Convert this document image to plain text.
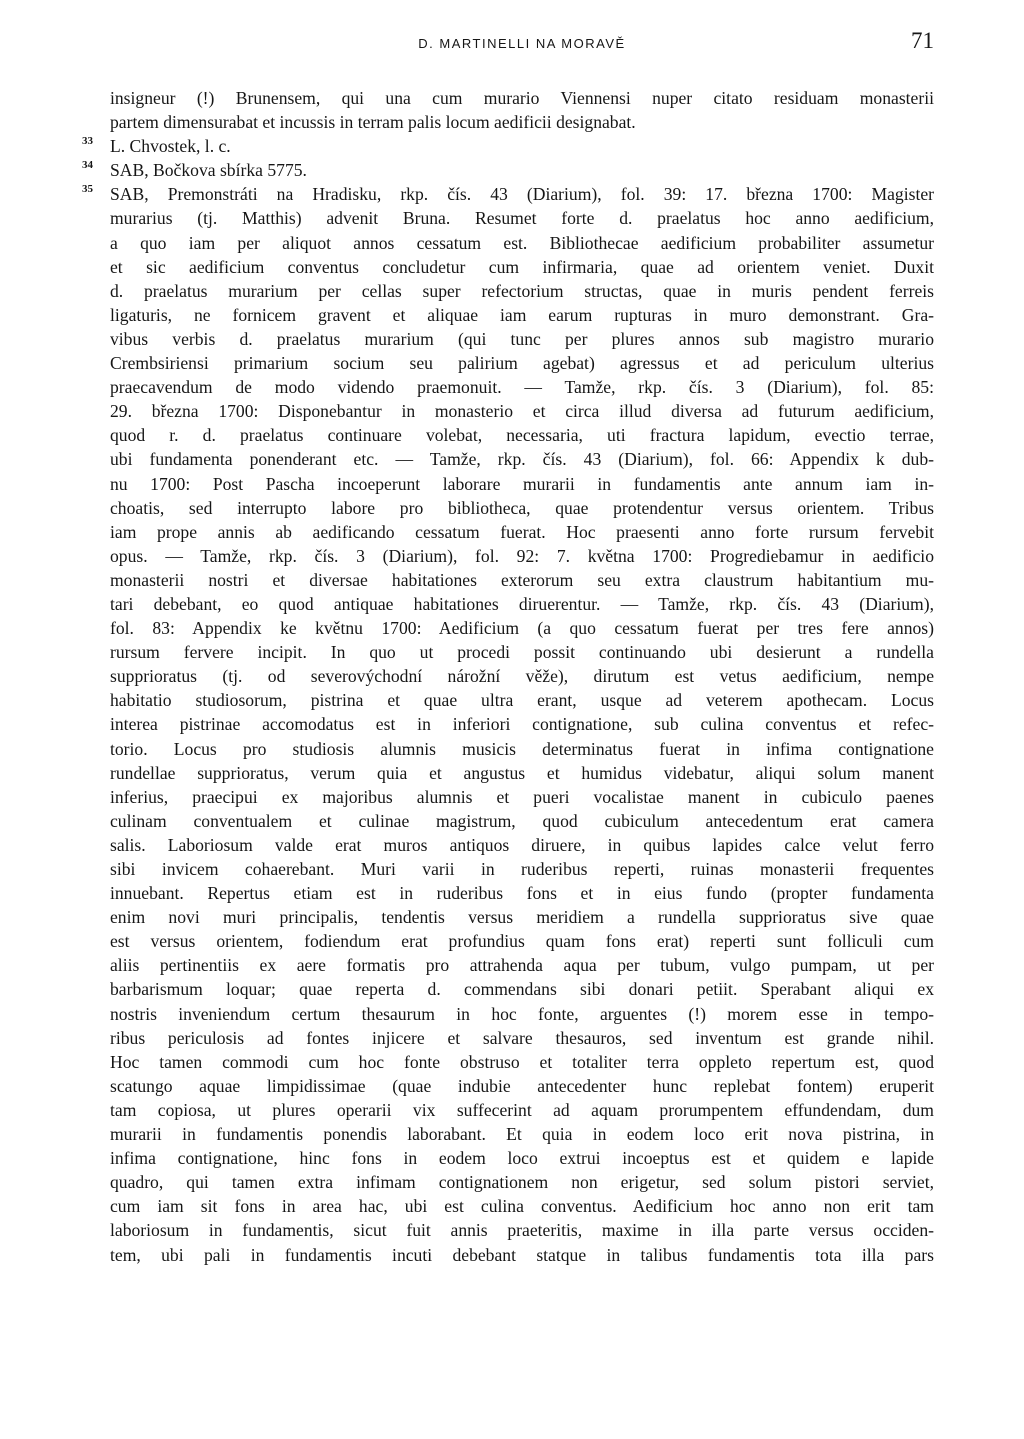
D. MARTINELLI NA MORAVĚ	71
insigneur (!) Brunensem, qui una cum murario Viennensi nuper citato residuam monasterii
partem dimensurabat et incussis in terram palis locum aedificii designabat.
33 L. Chvostek, l. c.
34 SAB, Bočkova sbírka 5775.
35 SAB, Premonstráti na Hradisku, rkp. čís. 43 (Diarium), fol. 39: 17. března 1700: Magister
murarius (tj. Matthis) advenit Bruna. Resumet forte d. praelatus hoc anno aedificium,
a quo iam per aliquot annos cessatum est. Bibliothecae aedificium probabiliter assumetur
et sic aedificium conventus concludetur cum infirmaria, quae ad orientem veniet. Duxit
d. praelatus murarium per cellas super refectorium structas, quae in muris pendent ferreis
ligaturis, ne fornicem gravent et aliquae iam earum rupturas in muro demonstrant. Gra-
vibus verbis d. praelatus murarium (qui tunc per plures annos sub magistro murario
Crembsiriensi primarium socium seu palirium agebat) agressus et ad periculum ulterius
praecavendum de modo videndo praemonuit. — Tamže, rkp. čís. 3 (Diarium), fol. 85:
29. března 1700: Disponebantur in monasterio et circa illud diversa ad futurum aedificium,
quod r. d. praelatus continuare volebat, necessaria, uti fractura lapidum, evectio terrae,
ubi fundamenta ponenderant etc. — Tamže, rkp. čís. 43 (Diarium), fol. 66: Appendix k dub-
nu 1700: Post Pascha incoeperunt laborare murarii in fundamentis ante annum iam in-
choatis, sed interrupto labore pro bibliotheca, quae protendentur versus orientem. Tribus
iam prope annis ab aedificando cessatum fuerat. Hoc praesenti anno forte rursum fervebit
opus. — Tamže, rkp. čís. 3 (Diarium), fol. 92: 7. května 1700: Progrediebamur in aedificio
monasterii nostri et diversae habitationes exterorum seu extra claustrum habitantium mu-
tari debebant, eo quod antiquae habitationes diruerentur. — Tamže, rkp. čís. 43 (Diarium),
fol. 83: Appendix ke květnu 1700: Aedificium (a quo cessatum fuerat per tres fere annos)
rursum fervere incipit. In quo ut procedi possit continuando ubi desierunt a rundella
supprioratus (tj. od severovýchodní nárožní věže), dirutum est vetus aedificium, nempe
habitatio studiosorum, pistrina et quae ultra erant, usque ad veterem apothecam. Locus
interea pistrinae accomodatus est in inferiori contignatione, sub culina conventus et refec-
torio. Locus pro studiosis alumnis musicis determinatus fuerat in infima contignatione
rundellae supprioratus, verum quia et angustus et humidus videbatur, aliqui solum manent
inferius, praecipui ex majoribus alumnis et pueri vocalistae manent in cubiculo paenes
culinam conventualem et culinae magistrum, quod cubiculum antecedentum erat camera
salis. Laboriosum valde erat muros antiquos diruere, in quibus lapides calce velut ferro
sibi invicem cohaerebant. Muri varii in ruderibus reperti, ruinas monasterii frequentes
innuebant. Repertus etiam est in ruderibus fons et in eius fundo (propter fundamenta
enim novi muri principalis, tendentis versus meridiem a rundella supprioratus sive quae
est versus orientem, fodiendum erat profundius quam fons erat) reperti sunt folliculi cum
aliis pertinentiis ex aere formatis pro attrahenda aqua per tubum, vulgo pumpam, ut per
barbarismum loquar; quae reperta d. commendans sibi donari petiit. Sperabant aliqui ex
nostris inveniendum certum thesaurum in hoc fonte, arguentes (!) morem esse in tempo-
ribus periculosis ad fontes injicere et salvare thesauros, sed inventum est grande nihil.
Hoc tamen commodi cum hoc fonte obstruso et totaliter terra oppleto repertum est, quod
scatungo aquae limpidissimae (quae indubie antecedenter hunc replebat fontem) eruperit
tam copiosa, ut plures operarii vix suffecerint ad aquam prorumpentem effundendam, dum
murarii in fundamentis ponendis laborabant. Et quia in eodem loco erit nova pistrina, in
infima contignatione, hinc fons in eodem loco extrui incoeptus est et quidem e lapide
quadro, qui tamen extra infimam contignationem non erigetur, sed solum pistori serviet,
cum iam sit fons in area hac, ubi est culina conventus. Aedificium hoc anno non erit tam
laboriosum in fundamentis, sicut fuit annis praeteritis, maxime in illa parte versus occiden-
tem, ubi pali in fundamentis incuti debebant statque in talibus fundamentis tota illa pars
